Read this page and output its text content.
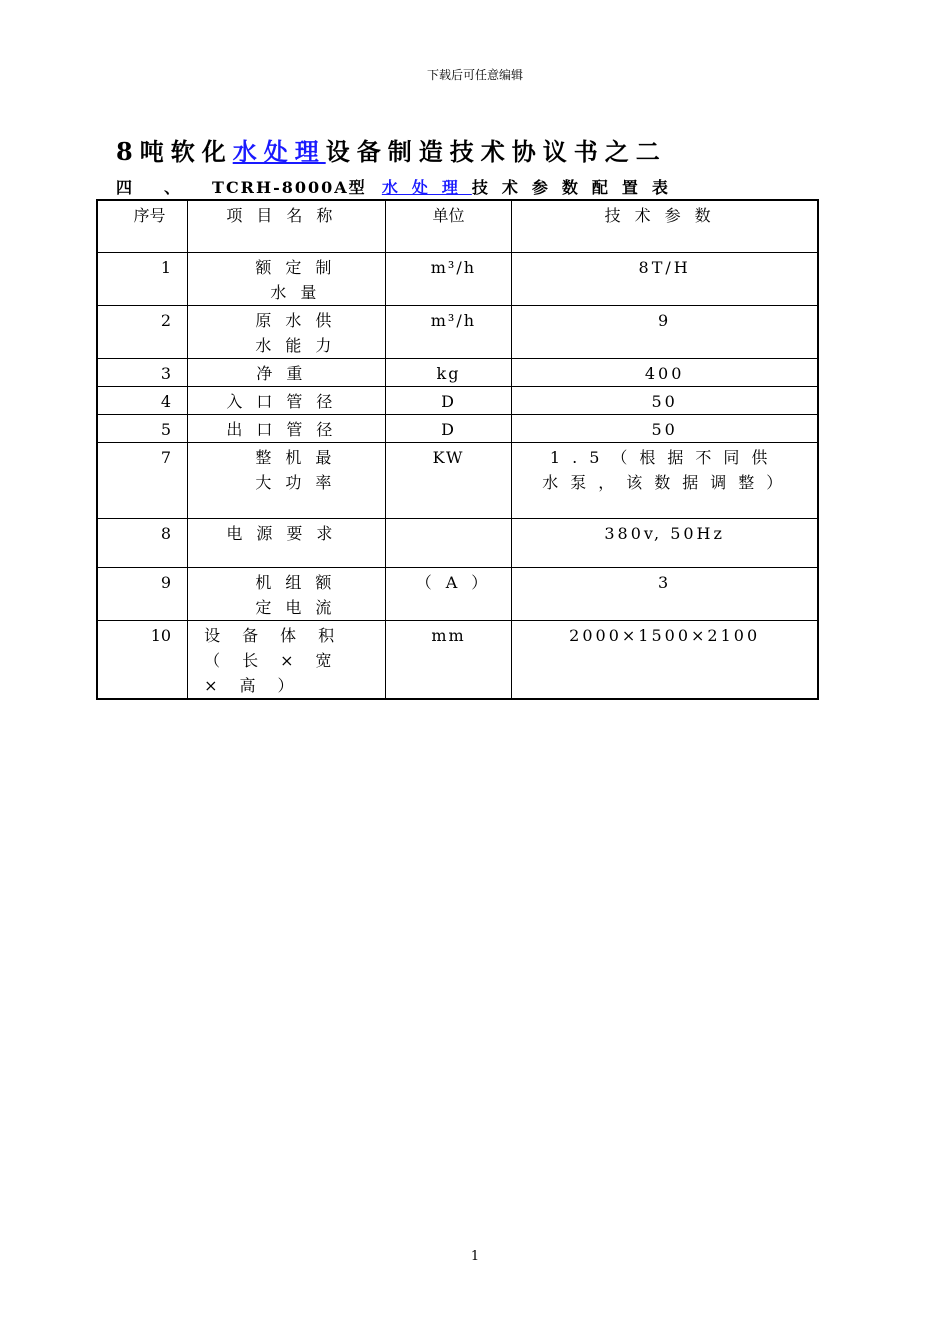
下载后可任意编辑
8吨软化水处理设备制造技术协议书之二
四 、 TCRH-8000A型 水处理技术参数配置表
序号	项目名称	单位	技术参数
1	额定制水量	m³/h	8T/H
2	原水供水能力	m³/h	9
3	净重	kg	400
4	入口管径	D	50
5	出口管径	D	50
7	整机最大功率	KW	1.5（根据不同供水泵，该数据调整）
8	电源要求		380v, 50Hz
9	机组额定电流	（A）	3
10	设备体积（长×宽×高）	mm	2000×1500×2100
1
